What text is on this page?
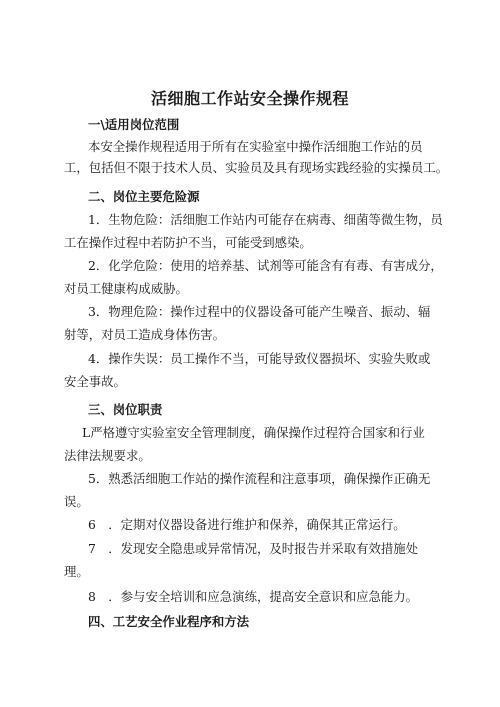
活细胞工作站安全操作规程
一\适用岗位范围
本安全操作规程适用于所有在实验室中操作活细胞工作站的员
工，包括但不限于技术人员、实验员及具有现场实践经验的实操员工。
二、岗位主要危险源
1．生物危险：活细胞工作站内可能存在病毒、细菌等微生物，员
工在操作过程中若防护不当，可能受到感染。
2．化学危险：使用的培养基、试剂等可能含有有毒、有害成分，
对员工健康构成威胁。
3．物理危险：操作过程中的仪器设备可能产生噪音、振动、辐
射等，对员工造成身体伤害。
4．操作失误：员工操作不当，可能导致仪器损坏、实验失败或
安全事故。
三、岗位职责
L严格遵守实验室安全管理制度，确保操作过程符合国家和行业
法律法规要求。
5．熟悉活细胞工作站的操作流程和注意事项，确保操作正确无
误。
6　．定期对仪器设备进行维护和保养，确保其正常运行。
7　．发现安全隐患或异常情况，及时报告并采取有效措施处
理。
8　．参与安全培训和应急演练，提高安全意识和应急能力。
四、工艺安全作业程序和方法
